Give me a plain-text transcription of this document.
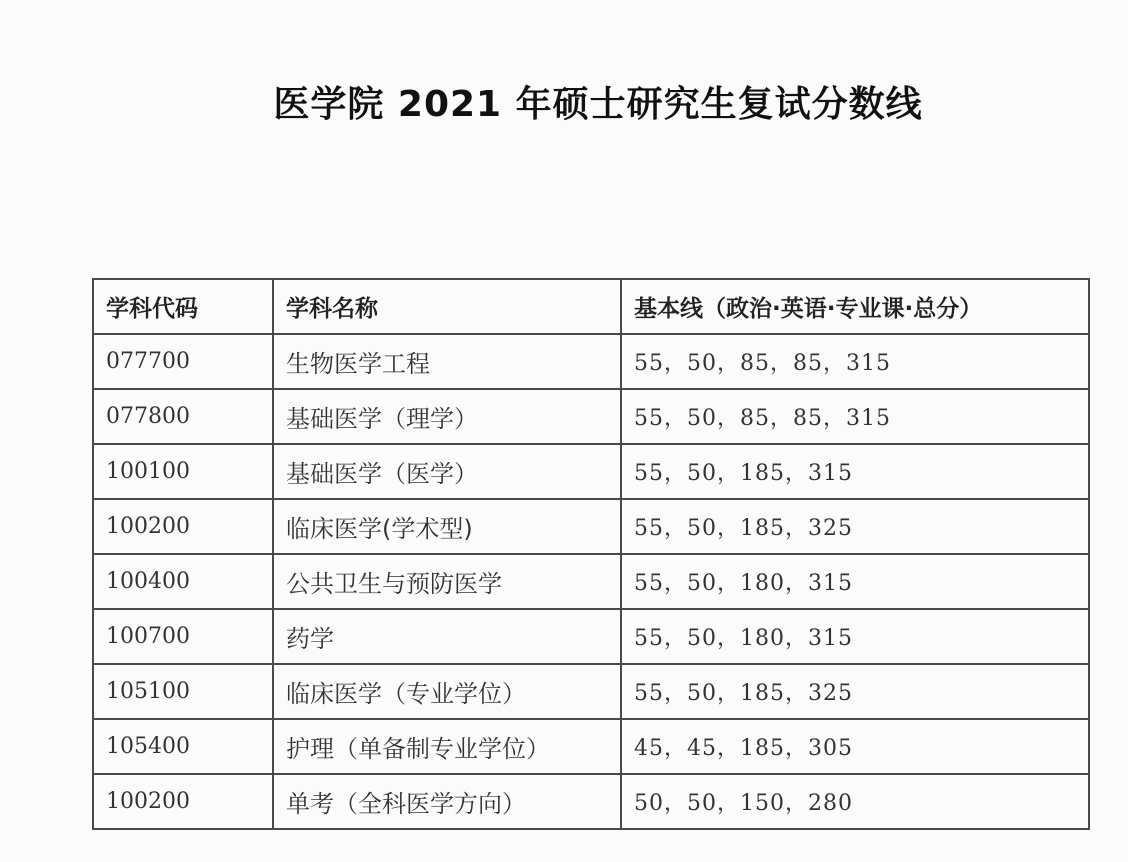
医学院 2021 年硕士研究生复试分数线
学科代码	学科名称	基本线（政治·英语·专业课·总分）
077700	生物医学工程	55，50，85，85，315
077800	基础医学（理学）	55，50，85，85，315
100100	基础医学（医学）	55，50，185，315
100200	临床医学(学术型)	55，50，185，325
100400	公共卫生与预防医学	55，50，180，315
100700	药学	55，50，180，315
105100	临床医学（专业学位）	55，50，185，325
105400	护理（单备制专业学位）	45，45，185，305
100200	单考（全科医学方向）	50，50，150，280
